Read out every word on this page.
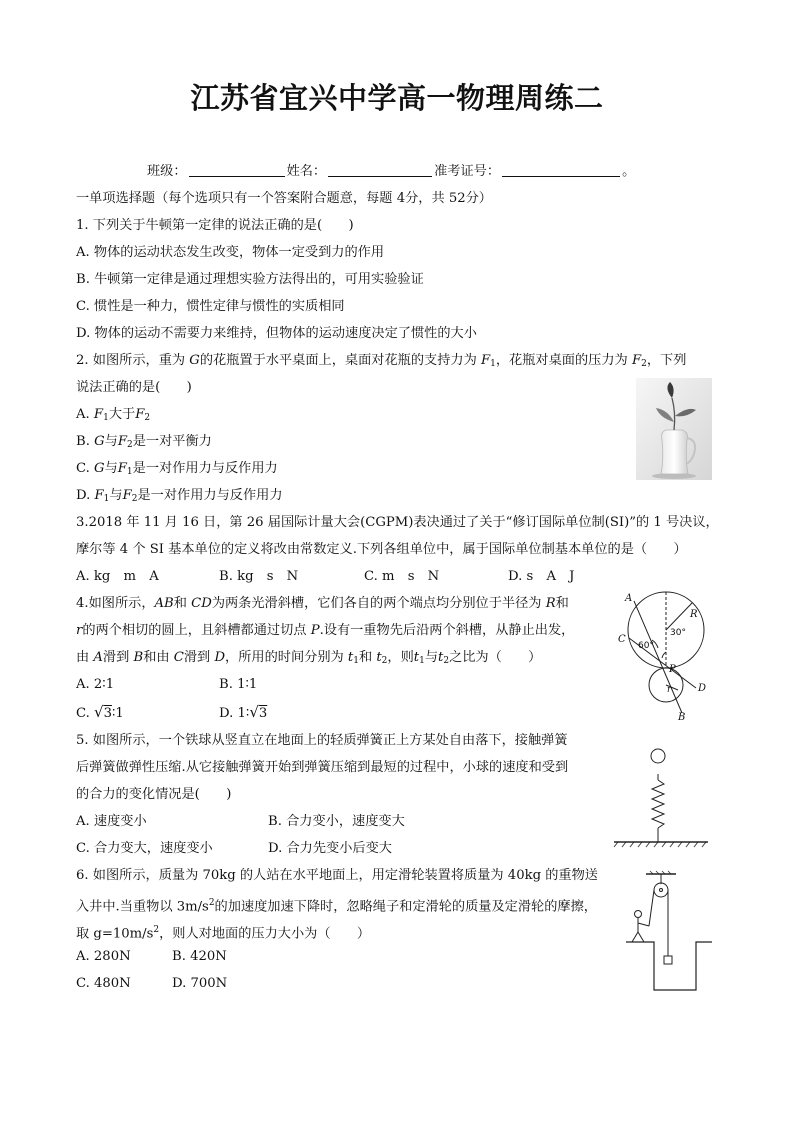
江苏省宜兴中学高一物理周练二
班级：	姓名：	准考证号：	。
一单项选择题（每个选项只有一个答案附合题意，每题 4分，共 52分）
1. 下列关于牛顿第一定律的说法正确的是(　　)
A. 物体的运动状态发生改变，物体一定受到力的作用
B. 牛顿第一定律是通过理想实验方法得出的，可用实验验证
C. 惯性是一种力，惯性定律与惯性的实质相同
D. 物体的运动不需要力来维持，但物体的运动速度决定了惯性的大小
2. 如图所示，重为 G的花瓶置于水平桌面上，桌面对花瓶的支持力为 $F_1$，花瓶对桌面的压力为 $F_2$，下列
说法正确的是(　　)
A. $F_1$大于$F_2$
B. G与$F_2$是一对平衡力
C. G与$F_1$是一对作用力与反作用力
D. $F_1$与$F_2$是一对作用力与反作用力
3.2018 年 11 月 16 日，第 26 届国际计量大会(CGPM)表决通过了关于“修订国际单位制(SI)”的 1 号决议，
摩尔等 4 个 SI 基本单位的定义将改由常数定义.下列各组单位中，属于国际单位制基本单位的是（　　）
A. kg　m　A	B. kg　s　N	C. m　s　N	D. s　A　J
4.如图所示，AB和 CD为两条光滑斜槽，它们各自的两个端点均分别位于半径为 R和
r的两个相切的圆上，且斜槽都通过切点 P.设有一重物先后沿两个斜槽，从静止出发，
由 A滑到 B和由 C滑到 D，所用的时间分别为 $t_1$和 $t_2$，则$t_1$与$t_2$之比为（　　）
A. 2∶1	B. 1∶1
C. √3∶1	D. 1∶√3
A
C
P
D
B
R
r
30°
60°
5. 如图所示，一个铁球从竖直立在地面上的轻质弹簧正上方某处自由落下，接触弹簧
后弹簧做弹性压缩.从它接触弹簧开始到弹簧压缩到最短的过程中，小球的速度和受到
的合力的变化情况是(　　)
A. 速度变小	B. 合力变小，速度变大
C. 合力变大，速度变小	D. 合力先变小后变大
6. 如图所示，质量为 70kg 的人站在水平地面上，用定滑轮装置将质量为 40kg 的重物送
入井中.当重物以 $3m/s^2$的加速度加速下降时，忽略绳子和定滑轮的质量及定滑轮的摩擦，
取 $g=10m/s^2$，则人对地面的压力大小为（　　）
A. 280N	B. 420N
C. 480N	D. 700N
